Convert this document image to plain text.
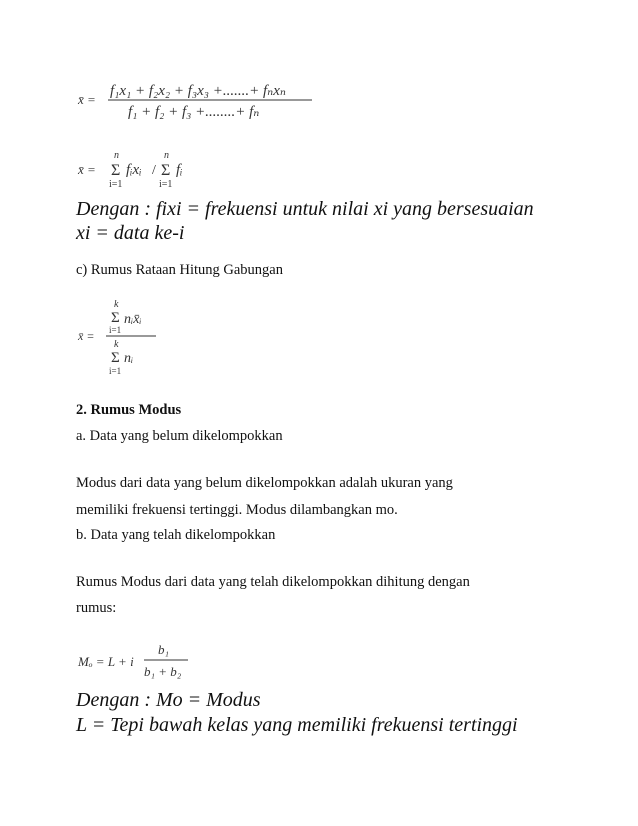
x̄ =
f₁x₁ + f₂x₂ + f₃x₃ +.......+ fₙxₙ
f₁ + f₂ + f₃ +........+ fₙ
x̄ =
n
Σ
i=1
fᵢxᵢ /
n
Σ
i=1
fᵢ
Dengan : fixi = frekuensi untuk nilai xi yang bersesuaian
xi = data ke-i
c) Rumus Rataan Hitung Gabungan
x̄ =
k
Σ
i=1
nᵢx̄ᵢ
k
Σ
i=1
nᵢ
2. Rumus Modus
a. Data yang belum dikelompokkan
Modus dari data yang belum dikelompokkan adalah ukuran yang
memiliki frekuensi tertinggi. Modus dilambangkan mo.
b. Data yang telah dikelompokkan
Rumus Modus dari data yang telah dikelompokkan dihitung dengan
rumus:
Mₒ = L + i
b₁
b₁ + b₂
Dengan : Mo = Modus
L = Tepi bawah kelas yang memiliki frekuensi tertinggi
